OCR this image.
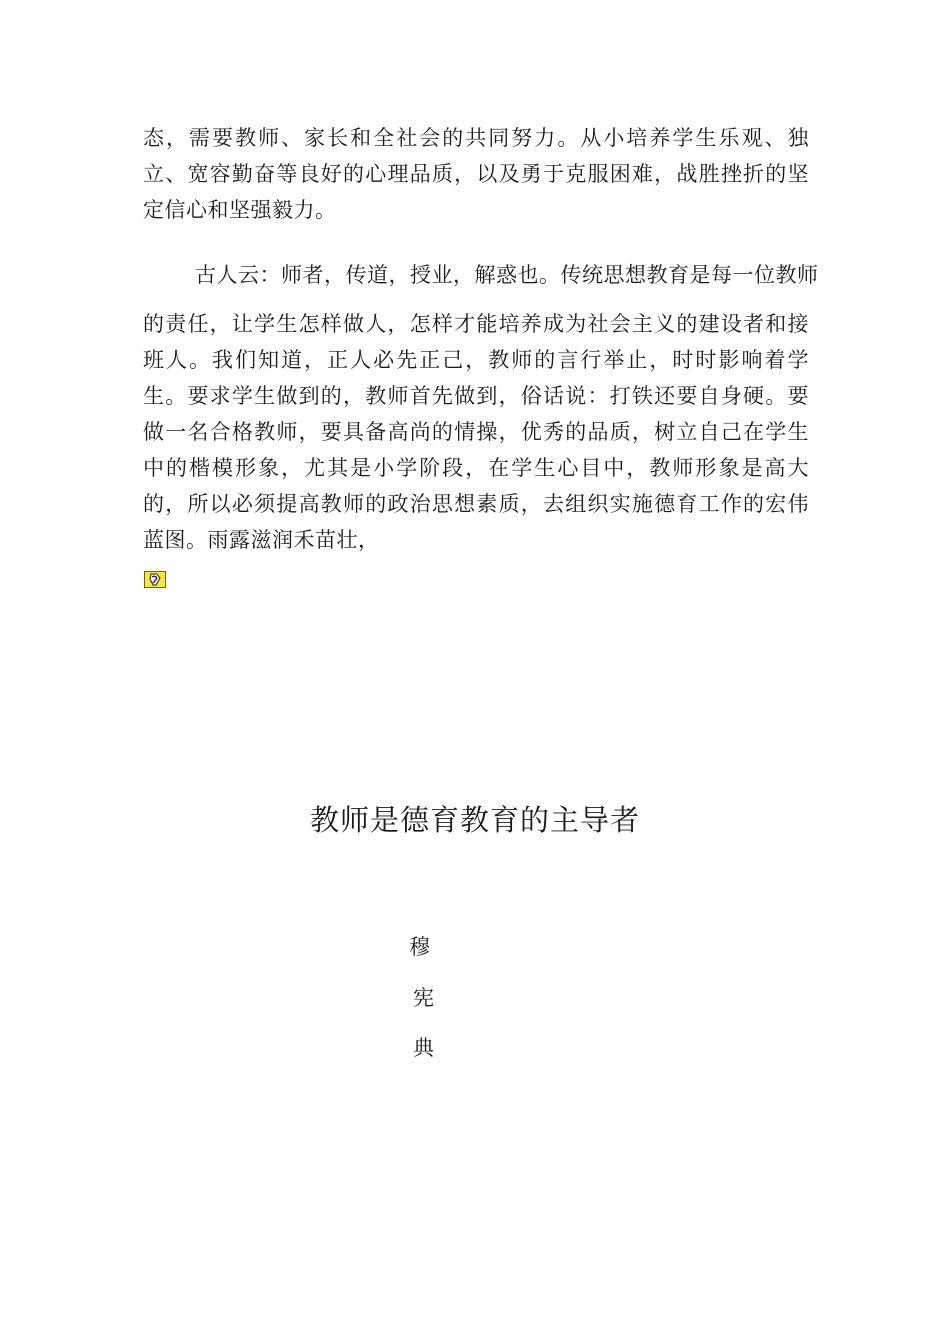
态，需要教师、家长和全社会的共同努力。从小培养学生乐观、独立、宽容勤奋等良好的心理品质，以及勇于克服困难，战胜挫折的坚定信心和坚强毅力。
古人云：师者，传道，授业，解惑也。传统思想教育是每一位教师
的责任，让学生怎样做人，怎样才能培养成为社会主义的建设者和接班人。我们知道，正人必先正己，教师的言行举止，时时影响着学生。要求学生做到的，教师首先做到，俗话说：打铁还要自身硬。要做一名合格教师，要具备高尚的情操，优秀的品质，树立自己在学生中的楷模形象，尤其是小学阶段，在学生心目中，教师形象是高大的，所以必须提高教师的政治思想素质，去组织实施德育工作的宏伟蓝图。雨露滋润禾苗壮，
教师是德育教育的主导者
穆
宪
典
